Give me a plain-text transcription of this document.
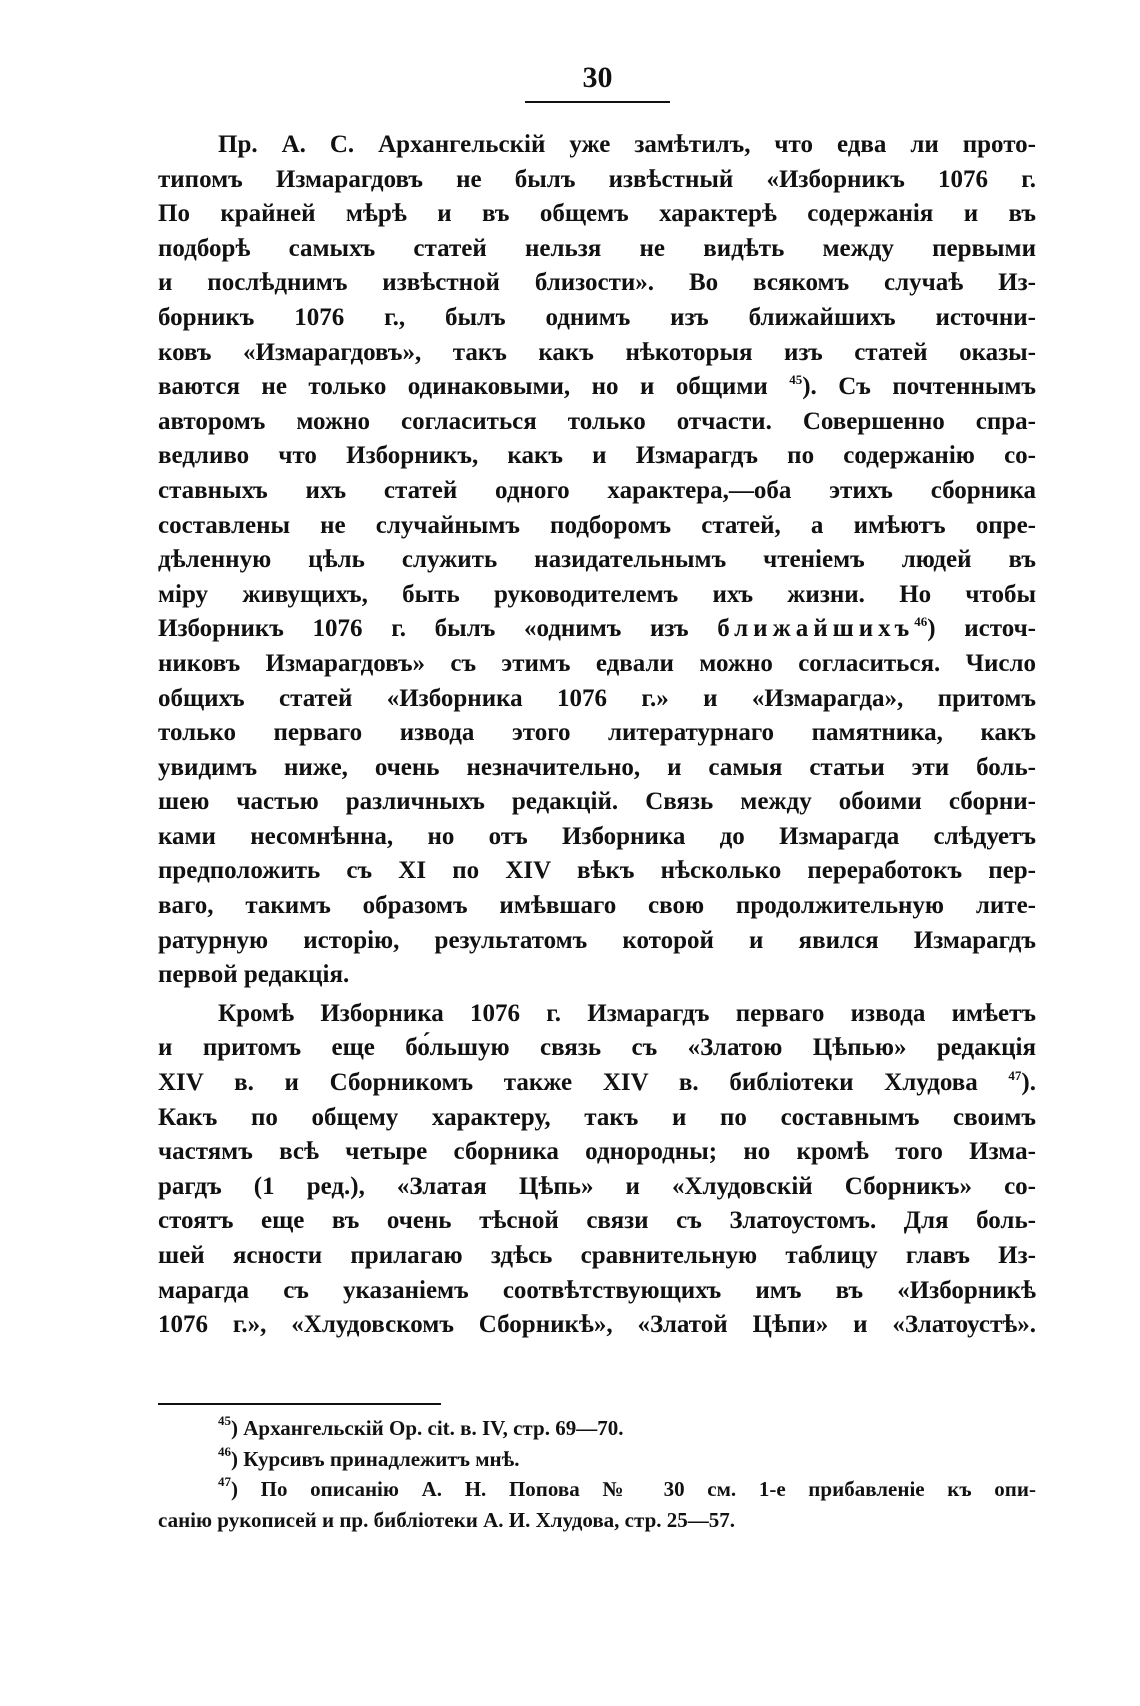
30

Пр. А. С. Архангельскій уже замѣтилъ, что едва ли прото-

типомъ Измарагдовъ не былъ извѣстный «Изборникъ 1076 г.

По крайней мѣрѣ и въ общемъ характерѣ содержанія и въ

подборѣ самыхъ статей нельзя не видѣть между первыми

и послѣднимъ извѣстной близости». Во всякомъ случаѣ Из-

борникъ 1076 г., былъ однимъ изъ ближайшихъ источни-

ковъ «Измарагдовъ», такъ какъ нѣкоторыя изъ статей оказы-

ваются не только одинаковыми, но и общими $^{45}$). Съ почтеннымъ

авторомъ можно согласиться только отчасти. Совершенно спра-

ведливо что Изборникъ, какъ и Измарагдъ по содержанію со-

ставныхъ ихъ статей одного характера,—оба этихъ сборника

составлены не случайнымъ подборомъ статей, а имѣютъ опре-

дѣленную цѣль служить назидательнымъ чтеніемъ людей въ

міру живущихъ, быть руководителемъ ихъ жизни. Но чтобы

Изборникъ 1076 г. былъ «однимъ изъ ближайшихъ$^{46}$) источ-

никовъ Измарагдовъ» съ этимъ едвали можно согласиться. Число

общихъ статей «Изборника 1076 г.» и «Измарагда», притомъ

только перваго извода этого литературнаго памятника, какъ

увидимъ ниже, очень незначительно, и самыя статьи эти боль-

шею частью различныхъ редакцій. Связь между обоими сборни-

ками несомнѣнна, но отъ Изборника до Измарагда слѣдуетъ

предположить съ XI по XIV вѣкъ нѣсколько переработокъ пер-

ваго, такимъ образомъ имѣвшаго свою продолжительную лите-

ратурную исторію, результатомъ которой и явился Измарагдъ

первой редакція.

Кромѣ Изборника 1076 г. Измарагдъ перваго извода имѣетъ

и притомъ еще бо́льшую связь съ «Златою Цѣпью» редакція

XIV в. и Сборникомъ также XIV в. библіотеки Хлудова $^{47}$).

Какъ по общему характеру, такъ и по составнымъ своимъ

частямъ всѣ четыре сборника однородны; но кромѣ того Изма-

рагдъ (1 ред.), «Златая Цѣпь» и «Хлудовскій Сборникъ» со-

стоятъ еще въ очень тѣсной связи съ Златоустомъ. Для боль-

шей ясности прилагаю здѣсь сравнительную таблицу главъ Из-

марагда съ указаніемъ соотвѣтствующихъ имъ въ «Изборникѣ

1076 г.», «Хлудовскомъ Сборникѣ», «Златой Цѣпи» и «Златоустѣ».

$^{45}$) Архангельскій Ор. cit. в. IV, стр. 69—70.

$^{46}$) Курсивъ принадлежитъ мнѣ.

$^{47}$) По описанію А. Н. Попова № 30 см. 1-е прибавленіе къ опи-

санію рукописей и пр. библіотеки А. И. Хлудова, стр. 25—57.
